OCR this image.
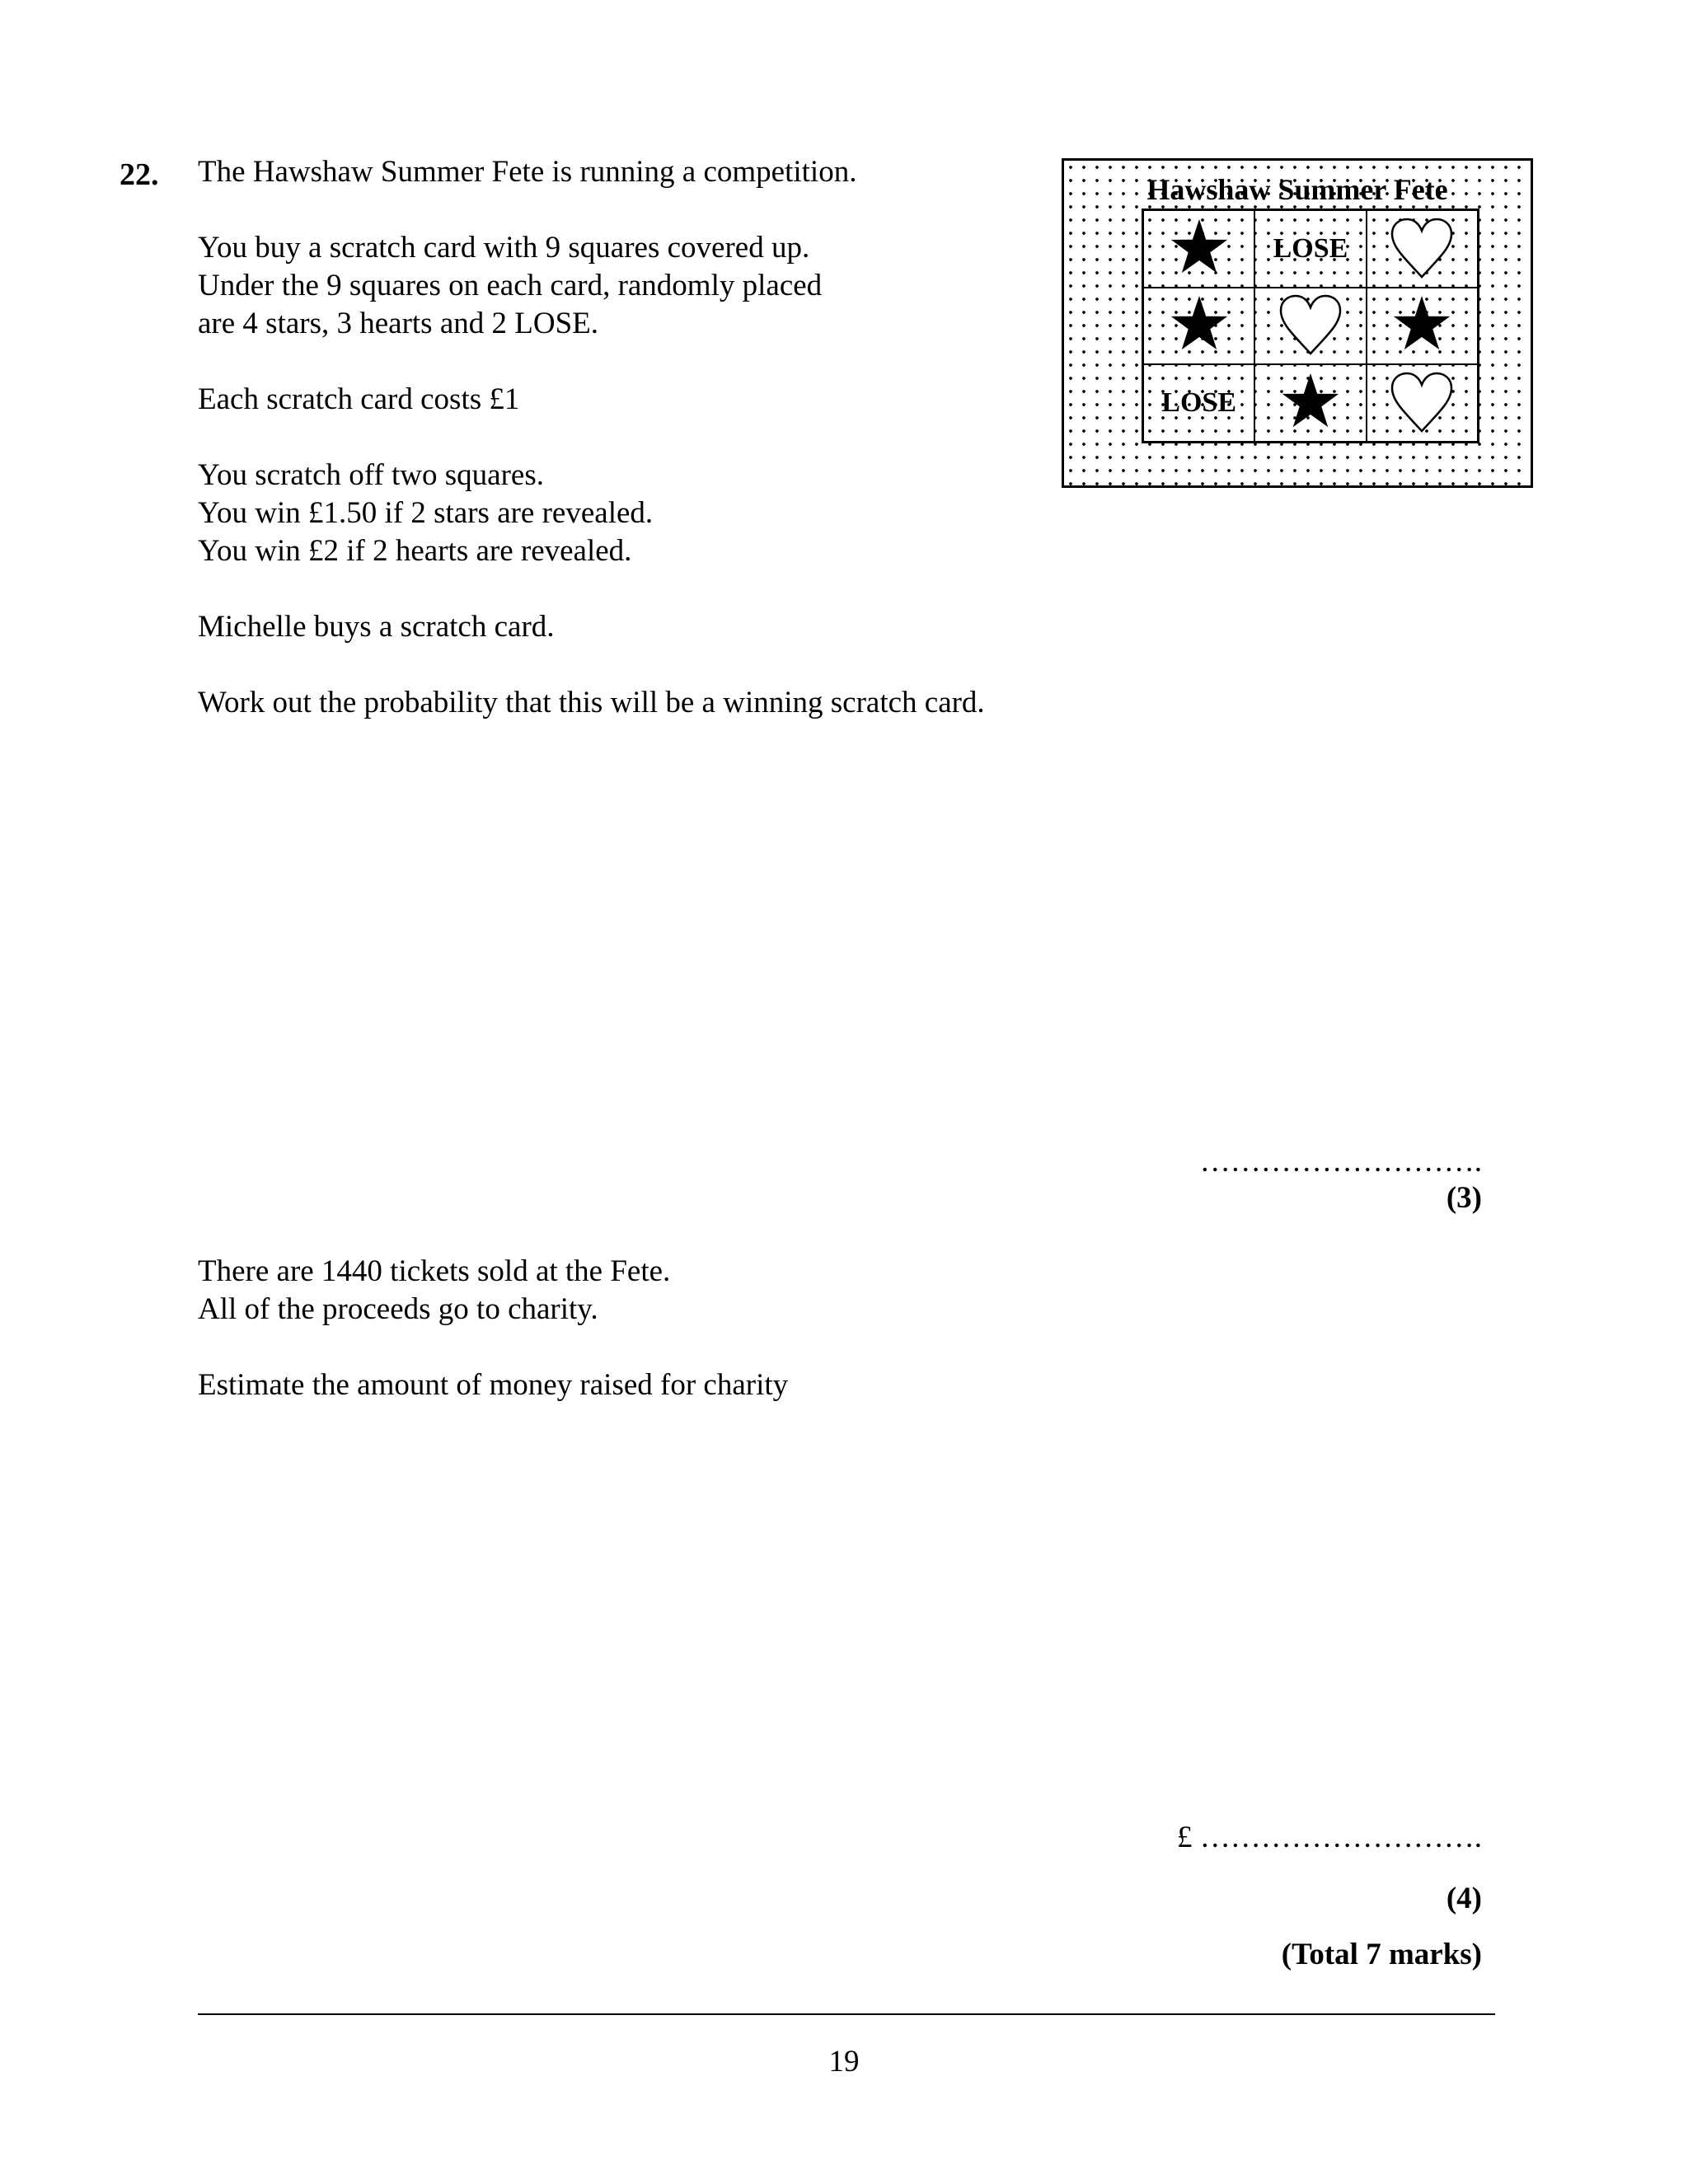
22. The Hawshaw Summer Fete is running a competition.
You buy a scratch card with 9 squares covered up.
Under the 9 squares on each card, randomly placed
are 4 stars, 3 hearts and 2 LOSE.
Each scratch card costs £1
You scratch off two squares.
You win £1.50 if 2 stars are revealed.
You win £2 if 2 hearts are revealed.
Michelle buys a scratch card.
Work out the probability that this will be a winning scratch card.
Hawshaw Summer Fete
LOSE
LOSE
……………………….
(3)
There are 1440 tickets sold at the Fete.
All of the proceeds go to charity.
Estimate the amount of money raised for charity
£ ……………………….
(4)
(Total 7 marks)
19
